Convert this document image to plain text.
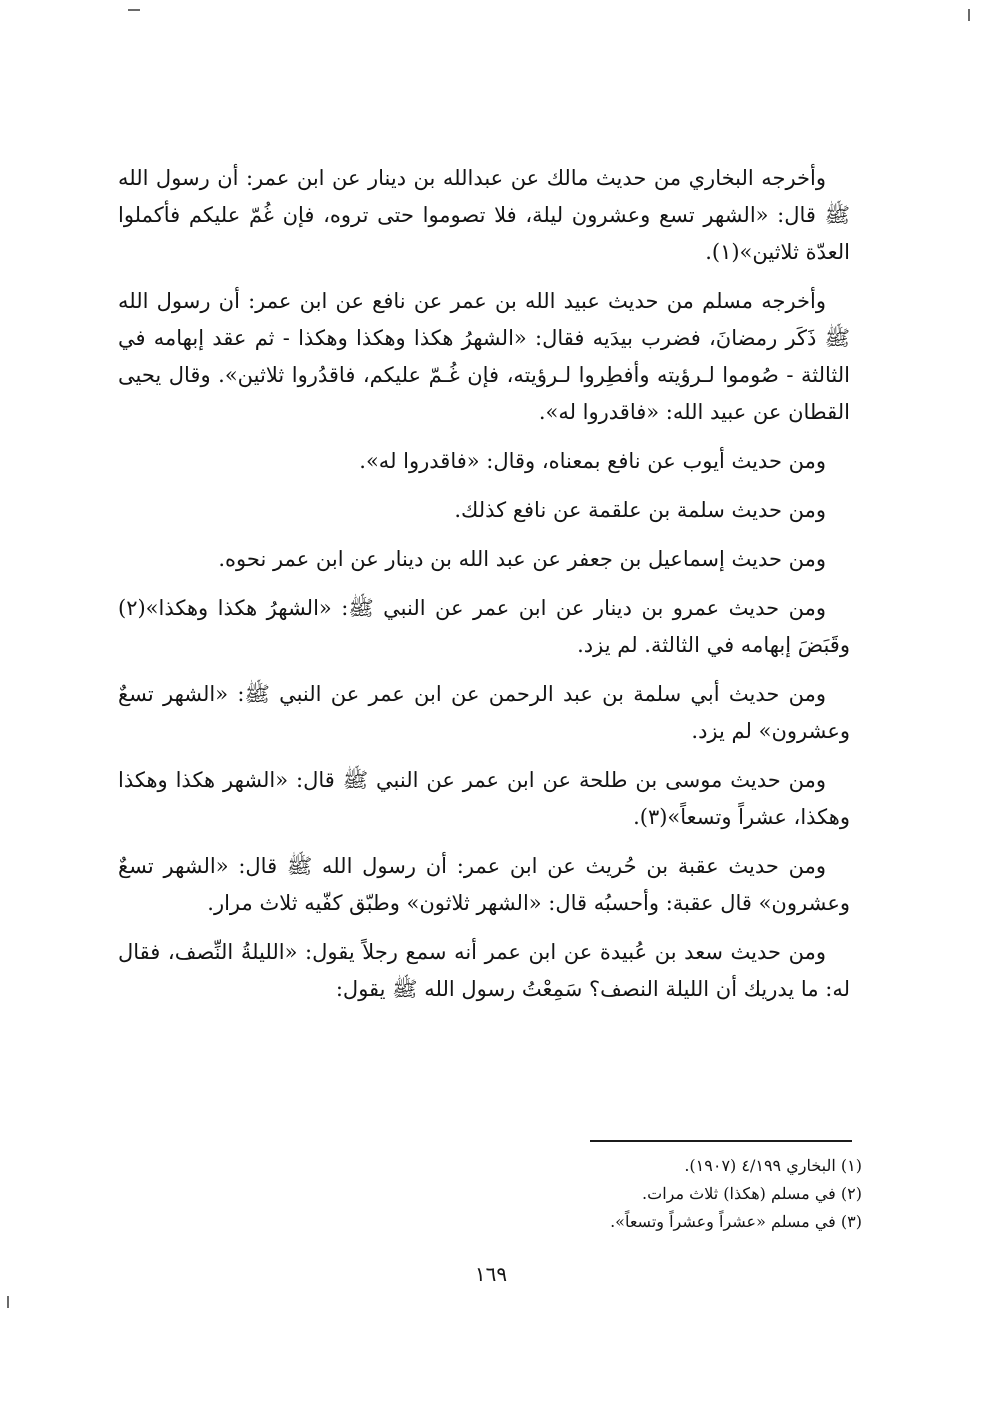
وأخرجه البخاري من حديث مالك عن عبدالله بن دينار عن ابن عمر: أن رسول الله ﷺ قال: «الشهر تسع وعشرون ليلة، فلا تصوموا حتى تروه، فإن غُمّ عليكم فأكملوا العدّة ثلاثين»(١).

وأخرجه مسلم من حديث عبيد الله بن عمر عن نافع عن ابن عمر: أن رسول الله ﷺ ذَكَر رمضانَ، فضرب بيدَيه فقال: «الشهرُ هكذا وهكذا وهكذا - ثم عقد إبهامه في الثالثة - صُوموا لـرؤيته وأفطِروا لـرؤيته، فإن غُـمّ عليكم، فاقدُروا ثلاثين». وقال يحيى القطان عن عبيد الله: «فاقدروا له».

ومن حديث أيوب عن نافع بمعناه، وقال: «فاقدروا له».

ومن حديث سلمة بن علقمة عن نافع كذلك.

ومن حديث إسماعيل بن جعفر عن عبد الله بن دينار عن ابن عمر نحوه.

ومن حديث عمرو بن دينار عن ابن عمر عن النبي ﷺ: «الشهرُ هكذا وهكذا»(٢) وقَبَضَ إبهامه في الثالثة. لم يزد.

ومن حديث أبي سلمة بن عبد الرحمن عن ابن عمر عن النبي ﷺ: «الشهر تسعٌ وعشرون» لم يزد.

ومن حديث موسى بن طلحة عن ابن عمر عن النبي ﷺ قال: «الشهر هكذا وهكذا وهكذا، عشراً وتسعاً»(٣).

ومن حديث عقبة بن حُريث عن ابن عمر: أن رسول الله ﷺ قال: «الشهر تسعٌ وعشرون» قال عقبة: وأحسبُه قال: «الشهر ثلاثون» وطبّق كفّيه ثلاث مرار.

ومن حديث سعد بن عُبيدة عن ابن عمر أنه سمع رجلاً يقول: «الليلةُ النِّصف، فقال له: ما يدريك أن الليلة النصف؟ سَمِعْتُ رسول الله ﷺ يقول:

(١) البخاري ٤/١٩٩ (١٩٠٧).

(٢) في مسلم (هكذا) ثلاث مرات.

(٣) في مسلم «عشراً وعشراً وتسعاً».

١٦٩
